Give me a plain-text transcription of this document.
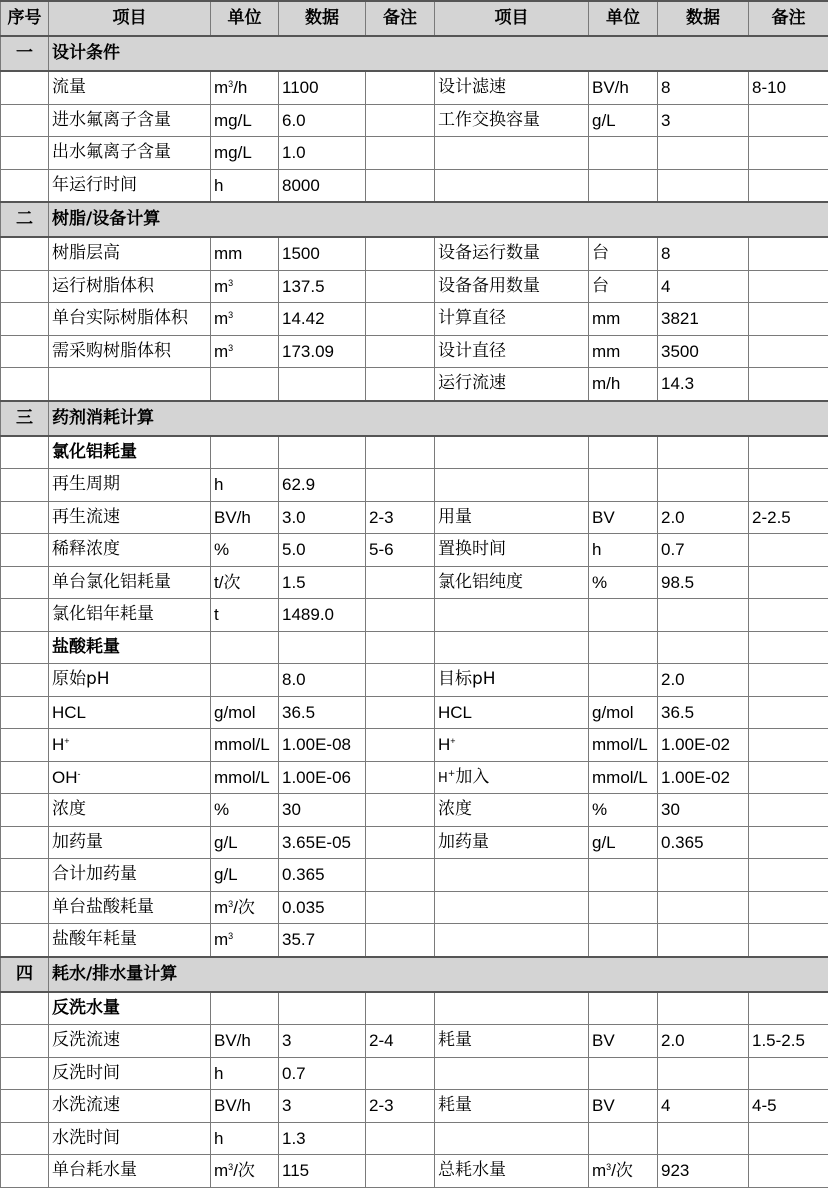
序号	项目	单位	数据	备注	项目	单位	数据	备注
一	设计条件							
	流量	$m^3/h$	1100		设计滤速	BV/h	8	8-10
	进水氟离子含量	mg/L	6.0		工作交换容量	g/L	3	
	出水氟离子含量	mg/L	1.0					
	年运行时间	h	8000					
二	树脂/设备计算							
	树脂层高	mm	1500		设备运行数量	台	8	
	运行树脂体积	$m^3$	137.5		设备备用数量	台	4	
	单台实际树脂体积	$m^3$	14.42		计算直径	mm	3821	
	需采购树脂体积	$m^3$	173.09		设计直径	mm	3500	
					运行流速	m/h	14.3	
三	药剂消耗计算							
	氯化铝耗量							
	再生周期	h	62.9					
	再生流速	BV/h	3.0	2-3	用量	BV	2.0	2-2.5
	稀释浓度	%	5.0	5-6	置换时间	h	0.7	
	单台氯化铝耗量	t/次	1.5		氯化铝纯度	%	98.5	
	氯化铝年耗量	t	1489.0					
	盐酸耗量							
	原始pH		8.0		目标pH		2.0	
	HCL	g/mol	36.5		HCL	g/mol	36.5	
	H+	mmol/L	1.00E-08		H+	mmol/L	1.00E-02	
	OH-	mmol/L	1.00E-06		H+加入	mmol/L	1.00E-02	
	浓度	%	30		浓度	%	30	
	加药量	g/L	3.65E-05		加药量	g/L	0.365	
	合计加药量	g/L	0.365					
	单台盐酸耗量	$m^3/$次	0.035					
	盐酸年耗量	$m^3$	35.7					
四	耗水/排水量计算							
	反洗水量							
	反洗流速	BV/h	3	2-4	耗量	BV	2.0	1.5-2.5
	反洗时间	h	0.7					
	水洗流速	BV/h	3	2-3	耗量	BV	4	4-5
	水洗时间	h	1.3					
	单台耗水量	$m^3/$次	115		总耗水量	$m^3/$次	923	
